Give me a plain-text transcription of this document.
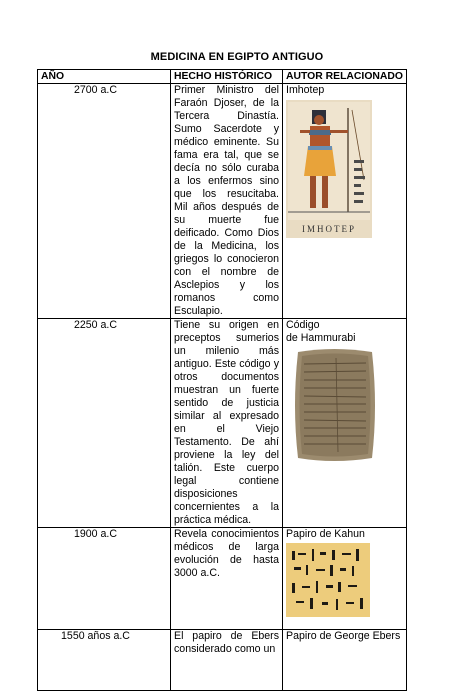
MEDICINA EN EGIPTO ANTIGUO
AÑO	HECHO HISTÓRICO	AUTOR RELACIONADO
2700 a.C	Primer Ministro del Faraón Djoser, de la Tercera Dinastía. Sumo Sacerdote y médico eminente. Su fama era tal, que se decía no sólo curaba a los enfermos sino que los resucitaba. Mil años después de su muerte fue deificado. Como Dios de la Medicina, los griegos lo conocieron con el nombre de Asclepios y los romanos como Esculapio.	Imhotep
IMHOTEP

2250 a.C	Tiene su origen en preceptos sumerios un milenio más antiguo. Este código y otros documentos muestran un fuerte sentido de justicia similar al expresado en el Viejo Testamento. De ahí proviene la ley del talión. Este cuerpo legal contiene disposiciones concernientes a la práctica médica.	Código
de Hammurabi

1900 a.C	Revela conocimientos médicos de larga evolución de hasta 3000 a.C.	Papiro de Kahun

1550 años a.C	El papiro de Ebers considerado como un	Papiro de George Ebers
